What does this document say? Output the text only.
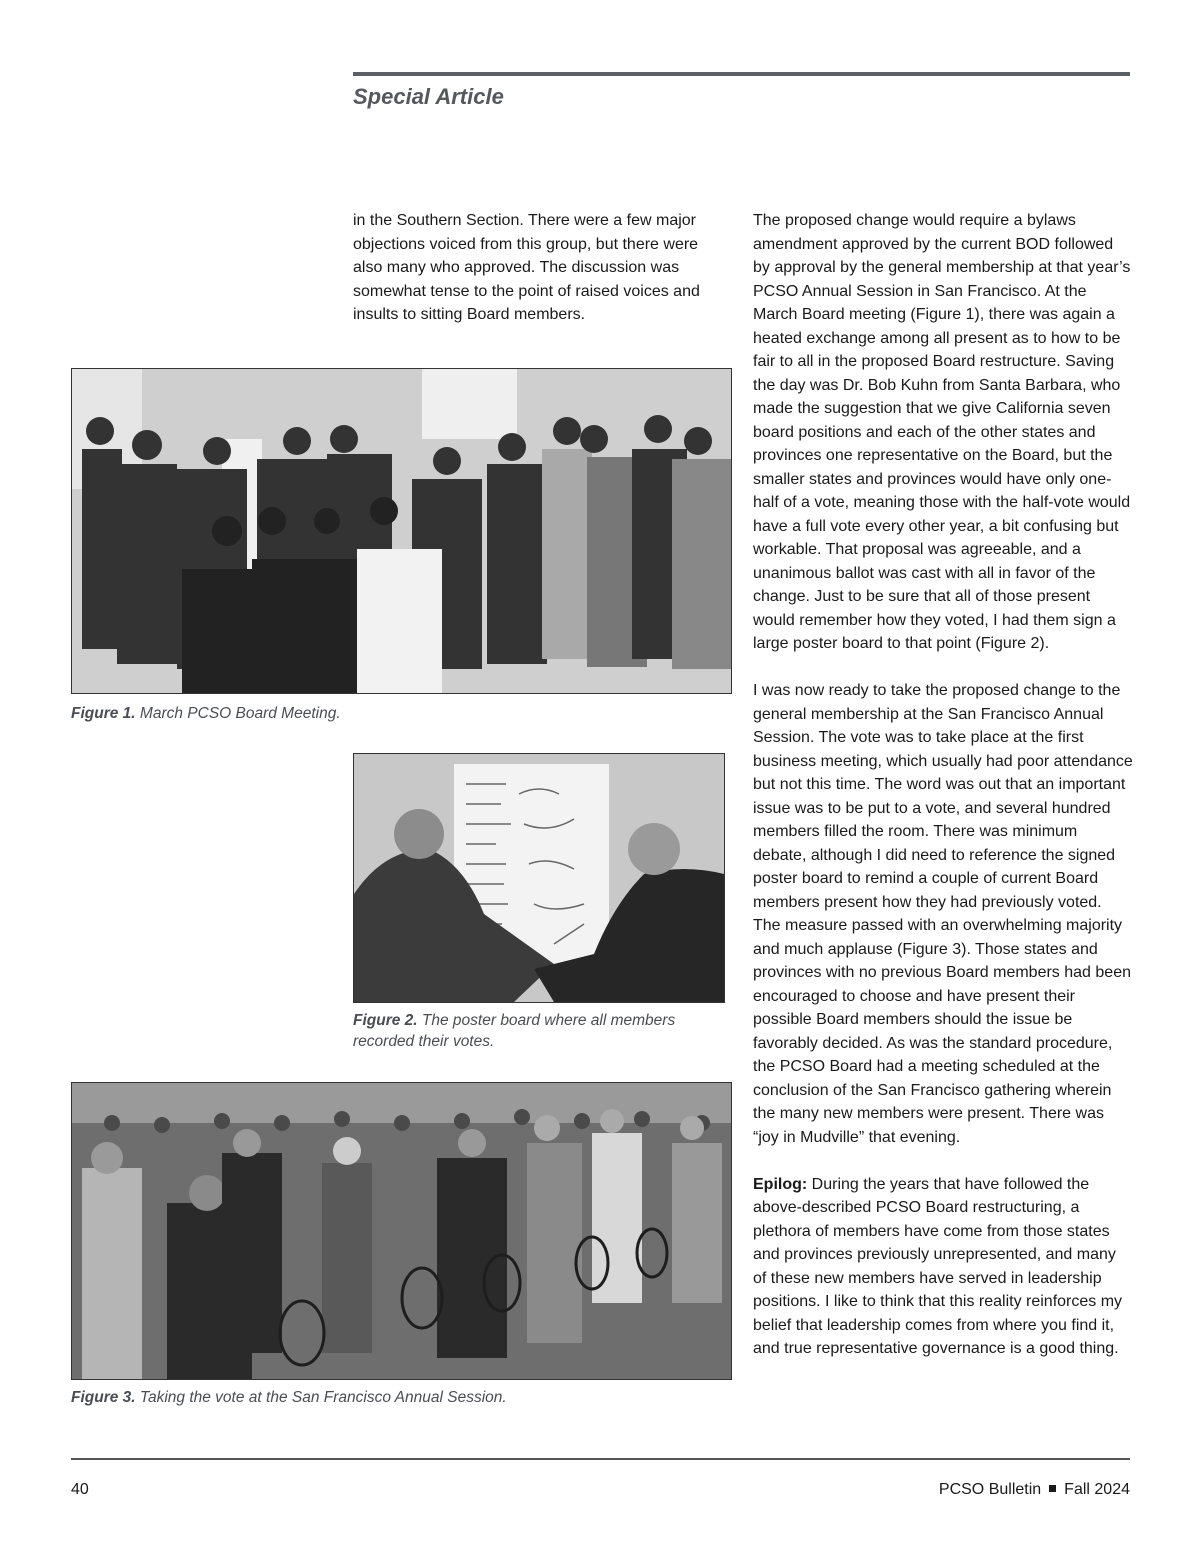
Special Article

in the Southern Section. There were a few major objections voiced from this group, but there were also many who approved. The discussion was somewhat tense to the point of raised voices and insults to sitting Board members.

Figure 1. March PCSO Board Meeting.

Figure 2. The poster board where all members recorded their votes.

Figure 3. Taking the vote at the San Francisco Annual Session.

The proposed change would require a bylaws amendment approved by the current BOD followed by approval by the general membership at that year’s PCSO Annual Session in San Francisco. At the March Board meeting (Figure 1), there was again a heated exchange among all present as to how to be fair to all in the proposed Board restructure. Saving the day was Dr. Bob Kuhn from Santa Barbara, who made the suggestion that we give California seven board positions and each of the other states and provinces one representative on the Board, but the smaller states and provinces would have only one-half of a vote, meaning those with the half-vote would have a full vote every other year, a bit confusing but workable. That proposal was agreeable, and a unanimous ballot was cast with all in favor of the change. Just to be sure that all of those present would remember how they voted, I had them sign a large poster board to that point (Figure 2).

I was now ready to take the proposed change to the general membership at the San Francisco Annual Session. The vote was to take place at the first business meeting, which usually had poor attendance but not this time. The word was out that an important issue was to be put to a vote, and several hundred members filled the room. There was minimum debate, although I did need to reference the signed poster board to remind a couple of current Board members present how they had previously voted. The measure passed with an overwhelming majority and much applause (Figure 3). Those states and provinces with no previous Board members had been encouraged to choose and have present their possible Board members should the issue be favorably decided. As was the standard procedure, the PCSO Board had a meeting scheduled at the conclusion of the San Francisco gathering wherein the many new members were present. There was “joy in Mudville” that evening.

Epilog: During the years that have followed the above-described PCSO Board restructuring, a plethora of members have come from those states and provinces previously unrepresented, and many of these new members have served in leadership positions. I like to think that this reality reinforces my belief that leadership comes from where you find it, and true representative governance is a good thing.

40	PCSO Bulletin Fall 2024
